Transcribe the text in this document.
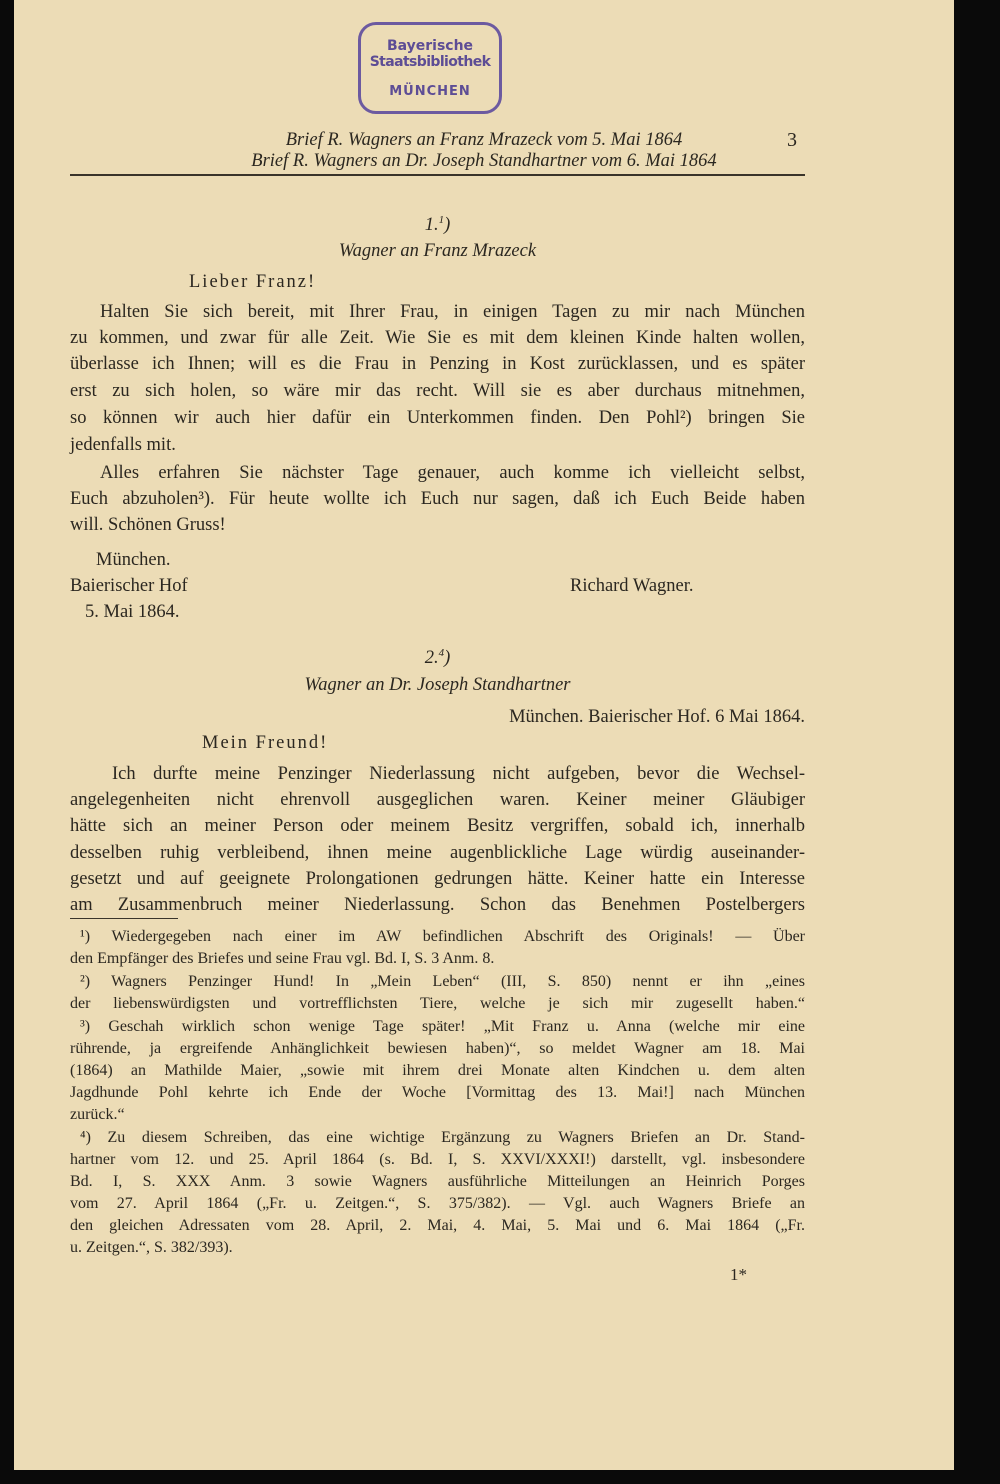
Bayerische
Staatsbibliothek
MÜNCHEN
Brief R. Wagners an Franz Mrazeck vom 5. Mai 1864
Brief R. Wagners an Dr. Joseph Standhartner vom 6. Mai 1864
3
1.$^1$)
Wagner an Franz Mrazeck
Lieber Franz!
Halten Sie sich bereit, mit Ihrer Frau, in einigen Tagen zu mir nach München
zu kommen, und zwar für alle Zeit. Wie Sie es mit dem kleinen Kinde halten wollen,
überlasse ich Ihnen; will es die Frau in Penzing in Kost zurücklassen, und es später
erst zu sich holen, so wäre mir das recht. Will sie es aber durchaus mitnehmen,
so können wir auch hier dafür ein Unterkommen finden. Den Pohl²) bringen Sie
jedenfalls mit.
Alles erfahren Sie nächster Tage genauer, auch komme ich vielleicht selbst,
Euch abzuholen³). Für heute wollte ich Euch nur sagen, daß ich Euch Beide haben
will. Schönen Gruss!
München.
Baierischer Hof	Richard Wagner.
5. Mai 1864.
2.$^4$)
Wagner an Dr. Joseph Standhartner
München. Baierischer Hof. 6 Mai 1864.
Mein Freund!
Ich durfte meine Penzinger Niederlassung nicht aufgeben, bevor die Wechsel-
angelegenheiten nicht ehrenvoll ausgeglichen waren. Keiner meiner Gläubiger
hätte sich an meiner Person oder meinem Besitz vergriffen, sobald ich, innerhalb
desselben ruhig verbleibend, ihnen meine augenblickliche Lage würdig auseinander-
gesetzt und auf geeignete Prolongationen gedrungen hätte. Keiner hatte ein Interesse
am Zusammenbruch meiner Niederlassung. Schon das Benehmen Postelbergers
¹) Wiedergegeben nach einer im AW befindlichen Abschrift des Originals! — Über
den Empfänger des Briefes und seine Frau vgl. Bd. I, S. 3 Anm. 8.
²) Wagners Penzinger Hund! In „Mein Leben“ (III, S. 850) nennt er ihn „eines
der liebenswürdigsten und vortrefflichsten Tiere, welche je sich mir zugesellt haben.“
³) Geschah wirklich schon wenige Tage später! „Mit Franz u. Anna (welche mir eine
rührende, ja ergreifende Anhänglichkeit bewiesen haben)“, so meldet Wagner am 18. Mai
(1864) an Mathilde Maier, „sowie mit ihrem drei Monate alten Kindchen u. dem alten
Jagdhunde Pohl kehrte ich Ende der Woche [Vormittag des 13. Mai!] nach München
zurück.“
⁴) Zu diesem Schreiben, das eine wichtige Ergänzung zu Wagners Briefen an Dr. Stand-
hartner vom 12. und 25. April 1864 (s. Bd. I, S. XXVI/XXXI!) darstellt, vgl. insbesondere
Bd. I, S. XXX Anm. 3 sowie Wagners ausführliche Mitteilungen an Heinrich Porges
vom 27. April 1864 („Fr. u. Zeitgen.“, S. 375/382). — Vgl. auch Wagners Briefe an
den gleichen Adressaten vom 28. April, 2. Mai, 4. Mai, 5. Mai und 6. Mai 1864 („Fr.
u. Zeitgen.“, S. 382/393).
1*
